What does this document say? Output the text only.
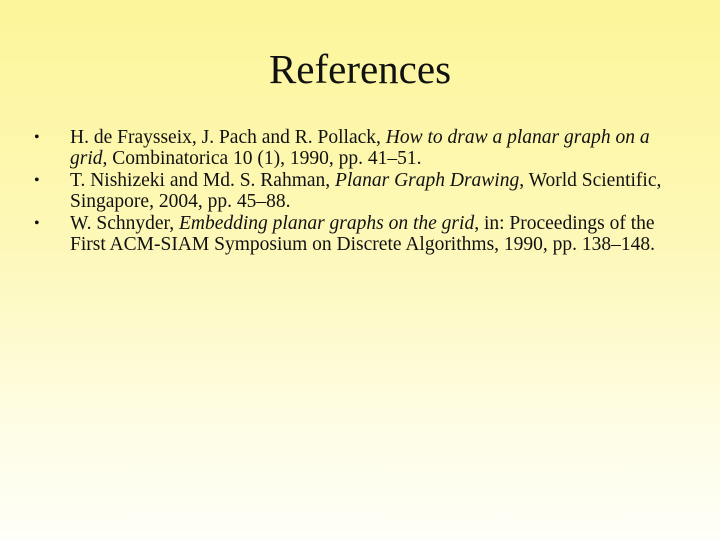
References
•	H. de Fraysseix, J. Pach and R. Pollack, How to draw a planar graph on a grid, Combinatorica 10 (1), 1990, pp. 41–51.
•	T. Nishizeki and Md. S. Rahman, Planar Graph Drawing, World Scientific, Singapore, 2004, pp. 45–88.
•	W. Schnyder, Embedding planar graphs on the grid, in: Proceedings of the First ACM-SIAM Symposium on Discrete Algorithms, 1990, pp. 138–148.
